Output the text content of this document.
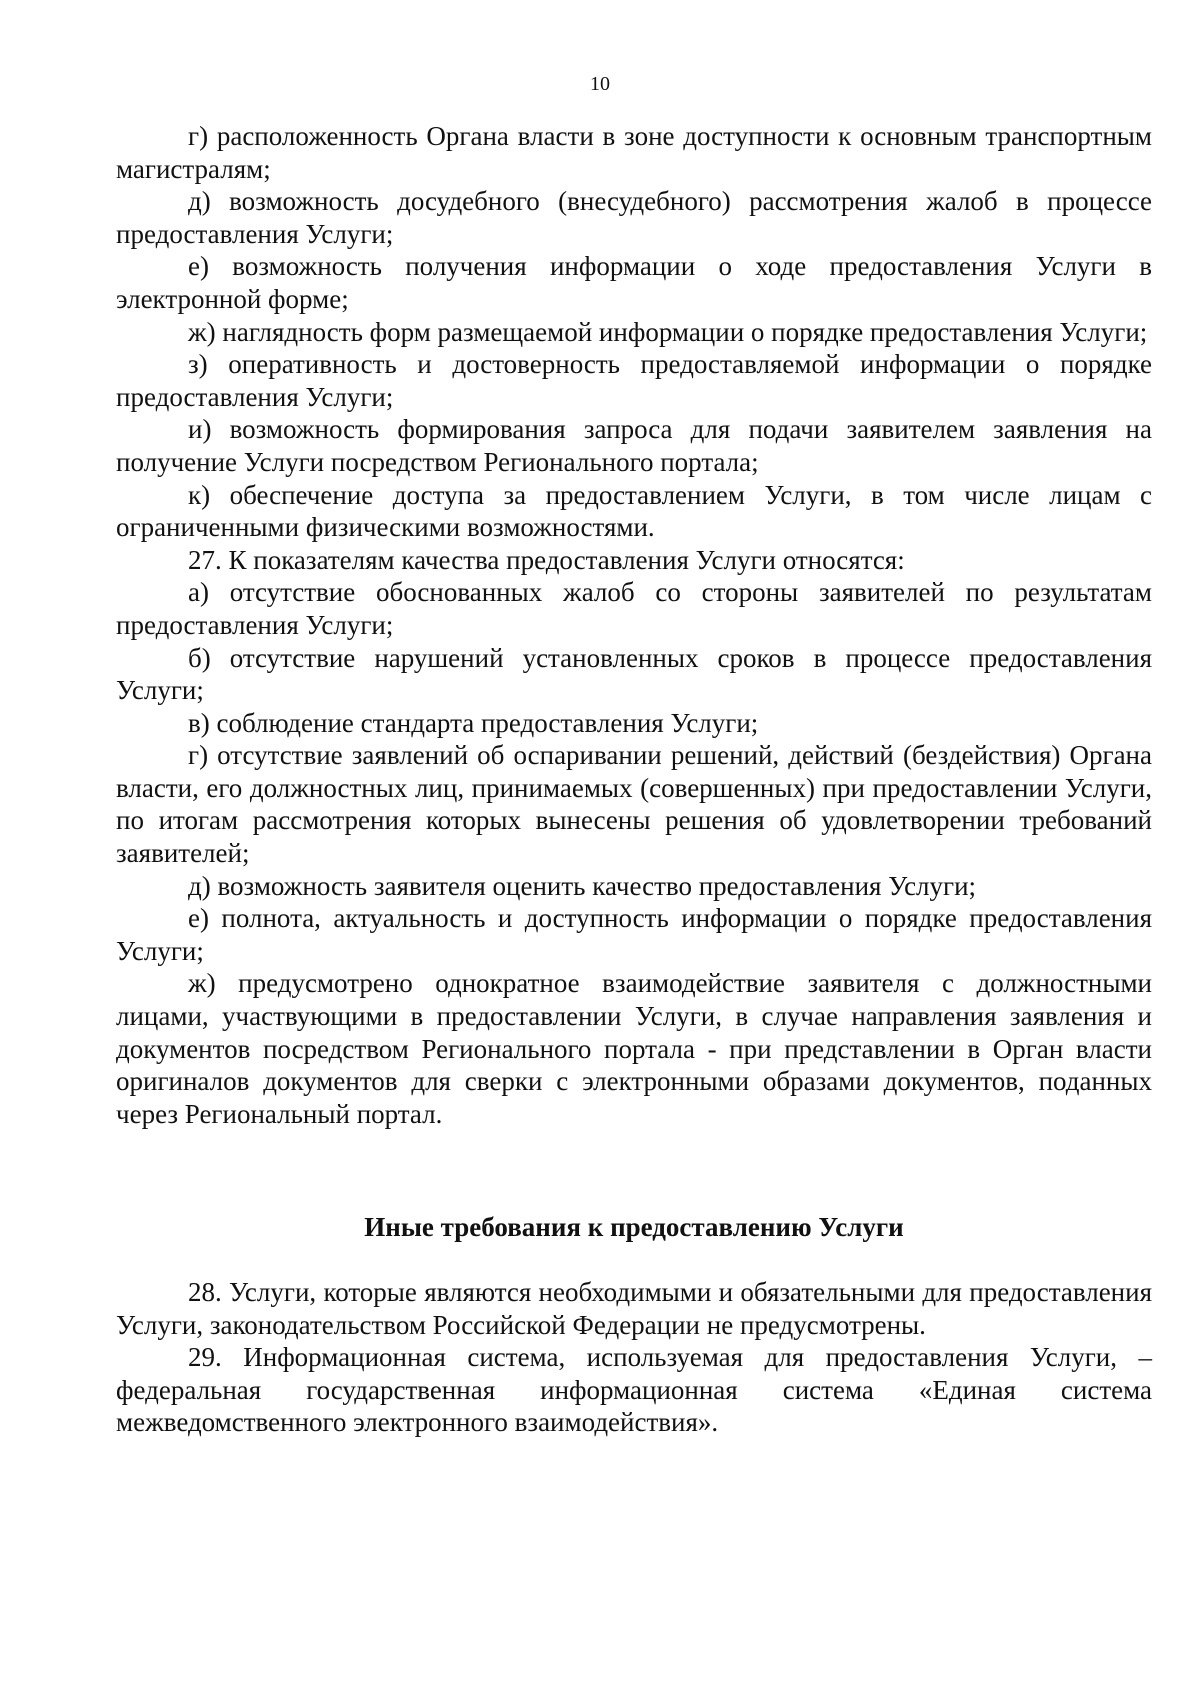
10

г) расположенность Органа власти в зоне доступности к основным транспортным магистралям;

д) возможность досудебного (внесудебного) рассмотрения жалоб в процессе предоставления Услуги;

е) возможность получения информации о ходе предоставления Услуги в электронной форме;

ж) наглядность форм размещаемой информации о порядке предоставления Услуги;

з) оперативность и достоверность предоставляемой информации о порядке предоставления Услуги;

и) возможность формирования запроса для подачи заявителем заявления на получение Услуги посредством Регионального портала;

к) обеспечение доступа за предоставлением Услуги, в том числе лицам с ограниченными физическими возможностями.

27. К показателям качества предоставления Услуги относятся:

а) отсутствие обоснованных жалоб со стороны заявителей по результатам предоставления Услуги;

б) отсутствие нарушений установленных сроков в процессе предоставления Услуги;

в) соблюдение стандарта предоставления Услуги;

г) отсутствие заявлений об оспаривании решений, действий (бездействия) Органа власти, его должностных лиц, принимаемых (совершенных) при предоставлении Услуги, по итогам рассмотрения которых вынесены решения об удовлетворении требований заявителей;

д) возможность заявителя оценить качество предоставления Услуги;

е) полнота, актуальность и доступность информации о порядке предоставления Услуги;

ж) предусмотрено однократное взаимодействие заявителя с должностными лицами, участвующими в предоставлении Услуги, в случае направления заявления и документов посредством Регионального портала - при представлении в Орган власти оригиналов документов для сверки с электронными образами документов, поданных через Региональный портал.

Иные требования к предоставлению Услуги

28. Услуги, которые являются необходимыми и обязательными для предоставления Услуги, законодательством Российской Федерации не предусмотрены.

29. Информационная система, используемая для предоставления Услуги, – федеральная государственная информационная система «Единая система межведомственного электронного взаимодействия».
